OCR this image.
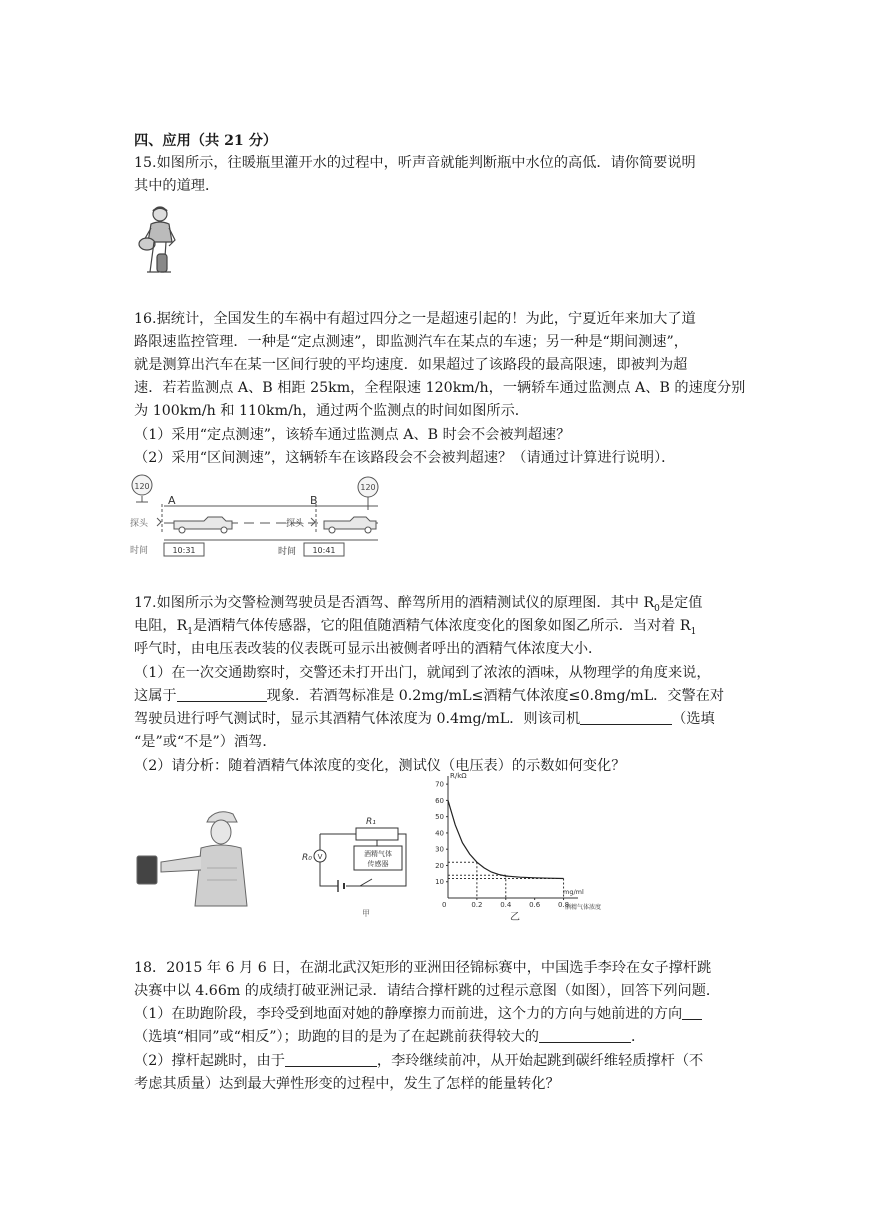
四、应用（共 21 分）
15.如图所示，往暖瓶里灌开水的过程中，听声音就能判断瓶中水位的高低．请你简要说明
其中的道理．
16.据统计，全国发生的车祸中有超过四分之一是超速引起的！为此，宁夏近年来加大了道
路限速监控管理．一种是“定点测速”，即监测汽车在某点的车速；另一种是“期间测速”，
就是测算出汽车在某一区间行驶的平均速度．如果超过了该路段的最高限速，即被判为超
速．若若监测点 A、B 相距 25km，全程限速 120km/h，一辆轿车通过监测点 A、B 的速度分别
为 100km/h 和 110km/h，通过两个监测点的时间如图所示．
（1）采用“定点测速”，该轿车通过监测点 A、B 时会不会被判超速？
（2）采用“区间测速”，这辆轿车在该路段会不会被判超速？（请通过计算进行说明）．
120	120
A	B
探头	探头
时间	时间
10:31	10:41
17.如图所示为交警检测驾驶员是否酒驾、醉驾所用的酒精测试仪的原理图．其中 $R_0$是定值
电阻，$R_1$是酒精气体传感器，它的阻值随酒精气体浓度变化的图象如图乙所示．当对着 $R_1$
呼气时，由电压表改装的仪表既可显示出被侧者呼出的酒精气体浓度大小．
（1）在一次交通勘察时，交警还未打开出门，就闻到了浓浓的酒味，从物理学的角度来说，
这属于	现象．若酒驾标准是 0.2mg/mL≤酒精气体浓度≤0.8mg/mL．交警在对
驾驶员进行呼气测试时，显示其酒精气体浓度为 0.4mg/mL．则该司机	（选填
“是”或“不是”）酒驾．
（2）请分析：随着酒精气体浓度的变化，测试仪（电压表）的示数如何变化？
R₁
R₀ V	酒精气体
传感器
甲
10
20
30
40
50
60
70
0.2	0.4	0.6	0.8
R/kΩ
mg/ml
酒精气体浓度
0
乙
18．2015 年 6 月 6 日，在湖北武汉矩形的亚洲田径锦标赛中，中国选手李玲在女子撑杆跳
决赛中以 4.66m 的成绩打破亚洲记录．请结合撑杆跳的过程示意图（如图），回答下列问题．
（1）在助跑阶段，李玲受到地面对她的静摩擦力而前进，这个力的方向与她前进的方向
（选填“相同”或“相反”）；助跑的目的是为了在起跳前获得较大的	．
（2）撑杆起跳时，由于	，李玲继续前冲，从开始起跳到碳纤维轻质撑杆（不
考虑其质量）达到最大弹性形变的过程中，发生了怎样的能量转化？
